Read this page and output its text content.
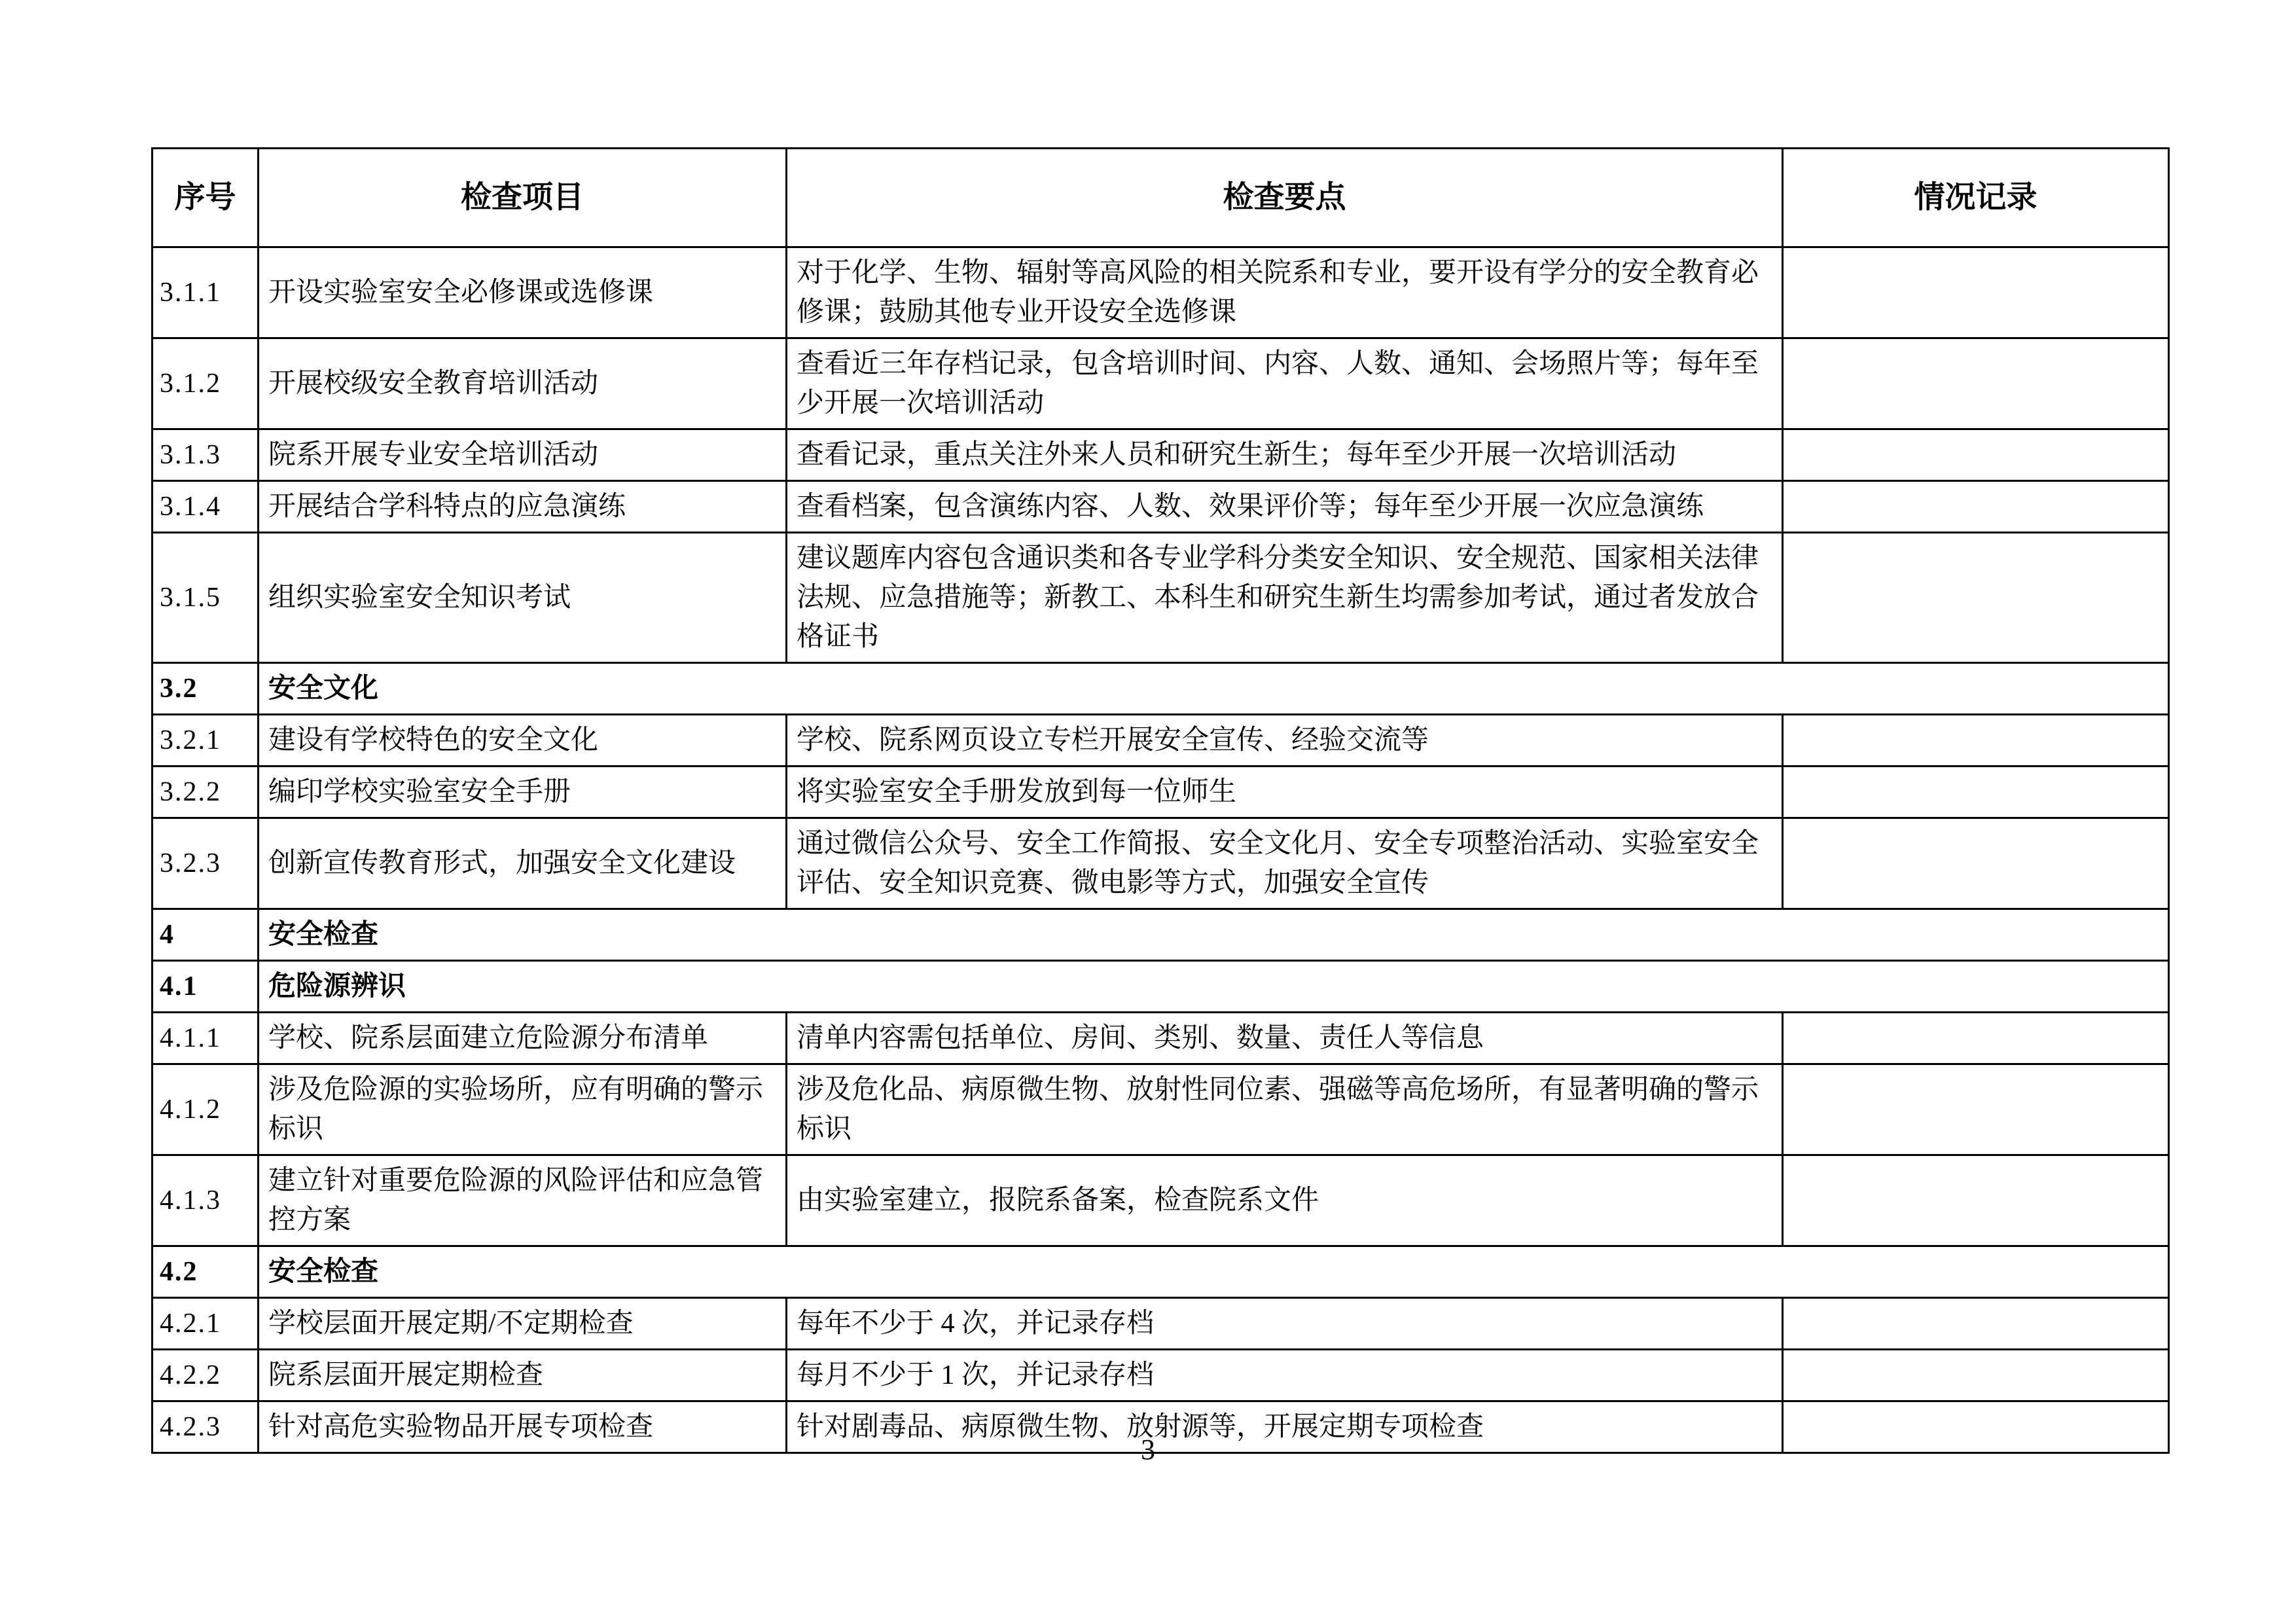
序号	检查项目	检查要点	情况记录
3.1.1	开设实验室安全必修课或选修课	对于化学、生物、辐射等高风险的相关院系和专业，要开设有学分的安全教育必修课；鼓励其他专业开设安全选修课	
3.1.2	开展校级安全教育培训活动	查看近三年存档记录，包含培训时间、内容、人数、通知、会场照片等；每年至少开展一次培训活动	
3.1.3	院系开展专业安全培训活动	查看记录，重点关注外来人员和研究生新生；每年至少开展一次培训活动	
3.1.4	开展结合学科特点的应急演练	查看档案，包含演练内容、人数、效果评价等；每年至少开展一次应急演练	
3.1.5	组织实验室安全知识考试	建议题库内容包含通识类和各专业学科分类安全知识、安全规范、国家相关法律法规、应急措施等；新教工、本科生和研究生新生均需参加考试，通过者发放合格证书	
3.2	安全文化		
3.2.1	建设有学校特色的安全文化	学校、院系网页设立专栏开展安全宣传、经验交流等	
3.2.2	编印学校实验室安全手册	将实验室安全手册发放到每一位师生	
3.2.3	创新宣传教育形式，加强安全文化建设	通过微信公众号、安全工作简报、安全文化月、安全专项整治活动、实验室安全评估、安全知识竞赛、微电影等方式，加强安全宣传	
4	安全检查		
4.1	危险源辨识		
4.1.1	学校、院系层面建立危险源分布清单	清单内容需包括单位、房间、类别、数量、责任人等信息	
4.1.2	涉及危险源的实验场所，应有明确的警示标识	涉及危化品、病原微生物、放射性同位素、强磁等高危场所，有显著明确的警示标识	
4.1.3	建立针对重要危险源的风险评估和应急管控方案	由实验室建立，报院系备案，检查院系文件	
4.2	安全检查		
4.2.1	学校层面开展定期/不定期检查	每年不少于 4 次，并记录存档	
4.2.2	院系层面开展定期检查	每月不少于 1 次，并记录存档	
4.2.3	针对高危实验物品开展专项检查	针对剧毒品、病原微生物、放射源等，开展定期专项检查	
3
